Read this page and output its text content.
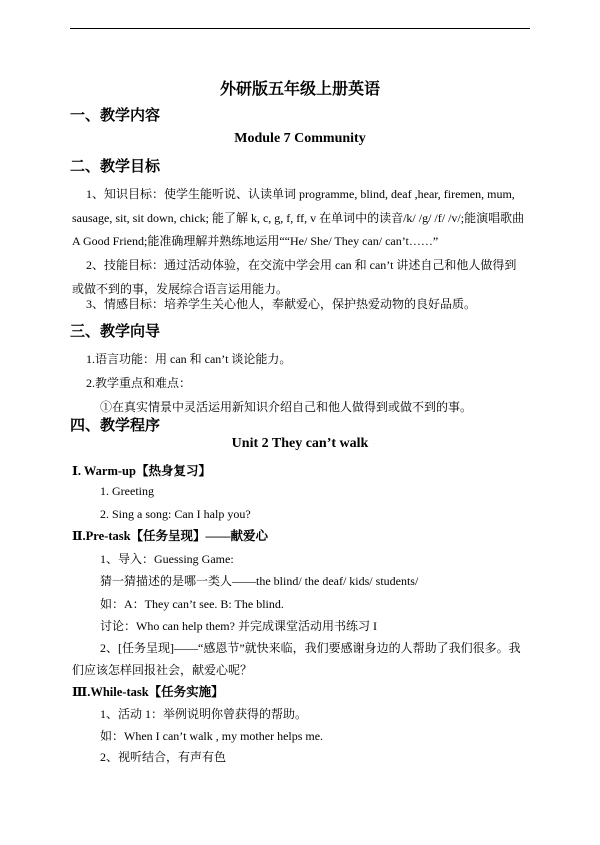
外研版五年级上册英语
一、教学内容
Module 7 Community
二、教学目标
1、知识目标：使学生能听说、认读单词 programme, blind, deaf ,hear, firemen, mum,
sausage, sit, sit down, chick; 能了解 k, c, g, f, ff, v 在单词中的读音/k/ /g/ /f/ /v/;能演唱歌曲
A Good Friend;能准确理解并熟练地运用““He/ She/ They can/ can’t……”
2、技能目标：通过活动体验，在交流中学会用 can 和 can’t 讲述自己和他人做得到
或做不到的事，发展综合语言运用能力。
3、情感目标：培养学生关心他人，奉献爱心，保护热爱动物的良好品质。
三、教学向导
1.语言功能：用 can 和 can’t 谈论能力。
2.教学重点和难点：
①在真实情景中灵活运用新知识介绍自己和他人做得到或做不到的事。
四、教学程序
Unit 2 They can’t walk
Ⅰ. Warm-up【热身复习】
1. Greeting
2. Sing a song: Can I halp you?
Ⅱ.Pre-task【任务呈现】——献爱心
1、导入：Guessing Game:
猜一猜描述的是哪一类人——the blind/ the deaf/ kids/ students/
如：A：They can’t see. B: The blind.
讨论：Who can help them? 并完成课堂活动用书练习 I
2、[任务呈现]——“感恩节”就快来临，我们要感谢身边的人帮助了我们很多。我
们应该怎样回报社会，献爱心呢？
Ⅲ.While-task【任务实施】
1、活动 1：举例说明你曾获得的帮助。
如：When I can’t walk , my mother helps me.
2、视听结合，有声有色
